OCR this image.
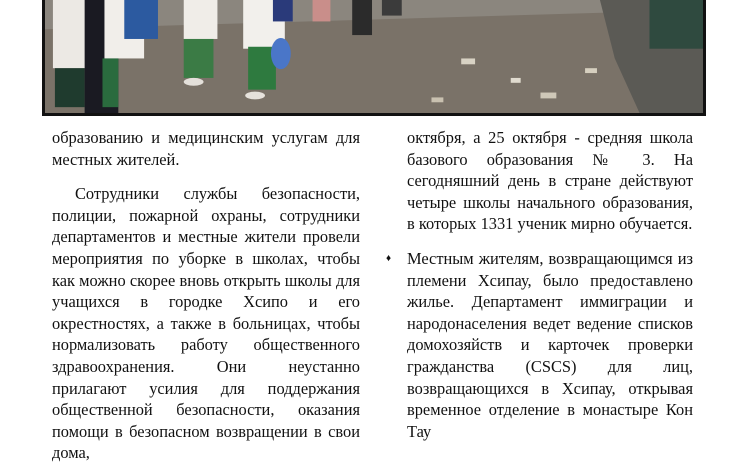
образованию и медицинским услугам для местных жителей.

Сотрудники службы безопасности, полиции, пожарной охраны, сотрудники департаментов и местные жители провели мероприятия по уборке в школах, чтобы как можно скорее вновь открыть школы для учащихся в городке Хсипо и его окрестностях, а также в больницах, чтобы нормализовать работу общественного здравоохранения. Они неустанно прилагают усилия для поддержания общественной безопасности, оказания помощи в безопасном возвращении в свои дома,

октября, а 25 октября - средняя школа базового образования № 3. На сегодняшний день в стране действуют четыре школы начального образования, в которых 1331 ученик мирно обучается.

♦ Местным жителям, возвращающимся из племени Хсипау, было предоставлено жилье. Департамент иммиграции и народонаселения ведет ведение списков домохозяйств и карточек проверки гражданства (CSCS) для лиц, возвращающихся в Хсипау, открывая временное отделение в монастыре Кон Тау
